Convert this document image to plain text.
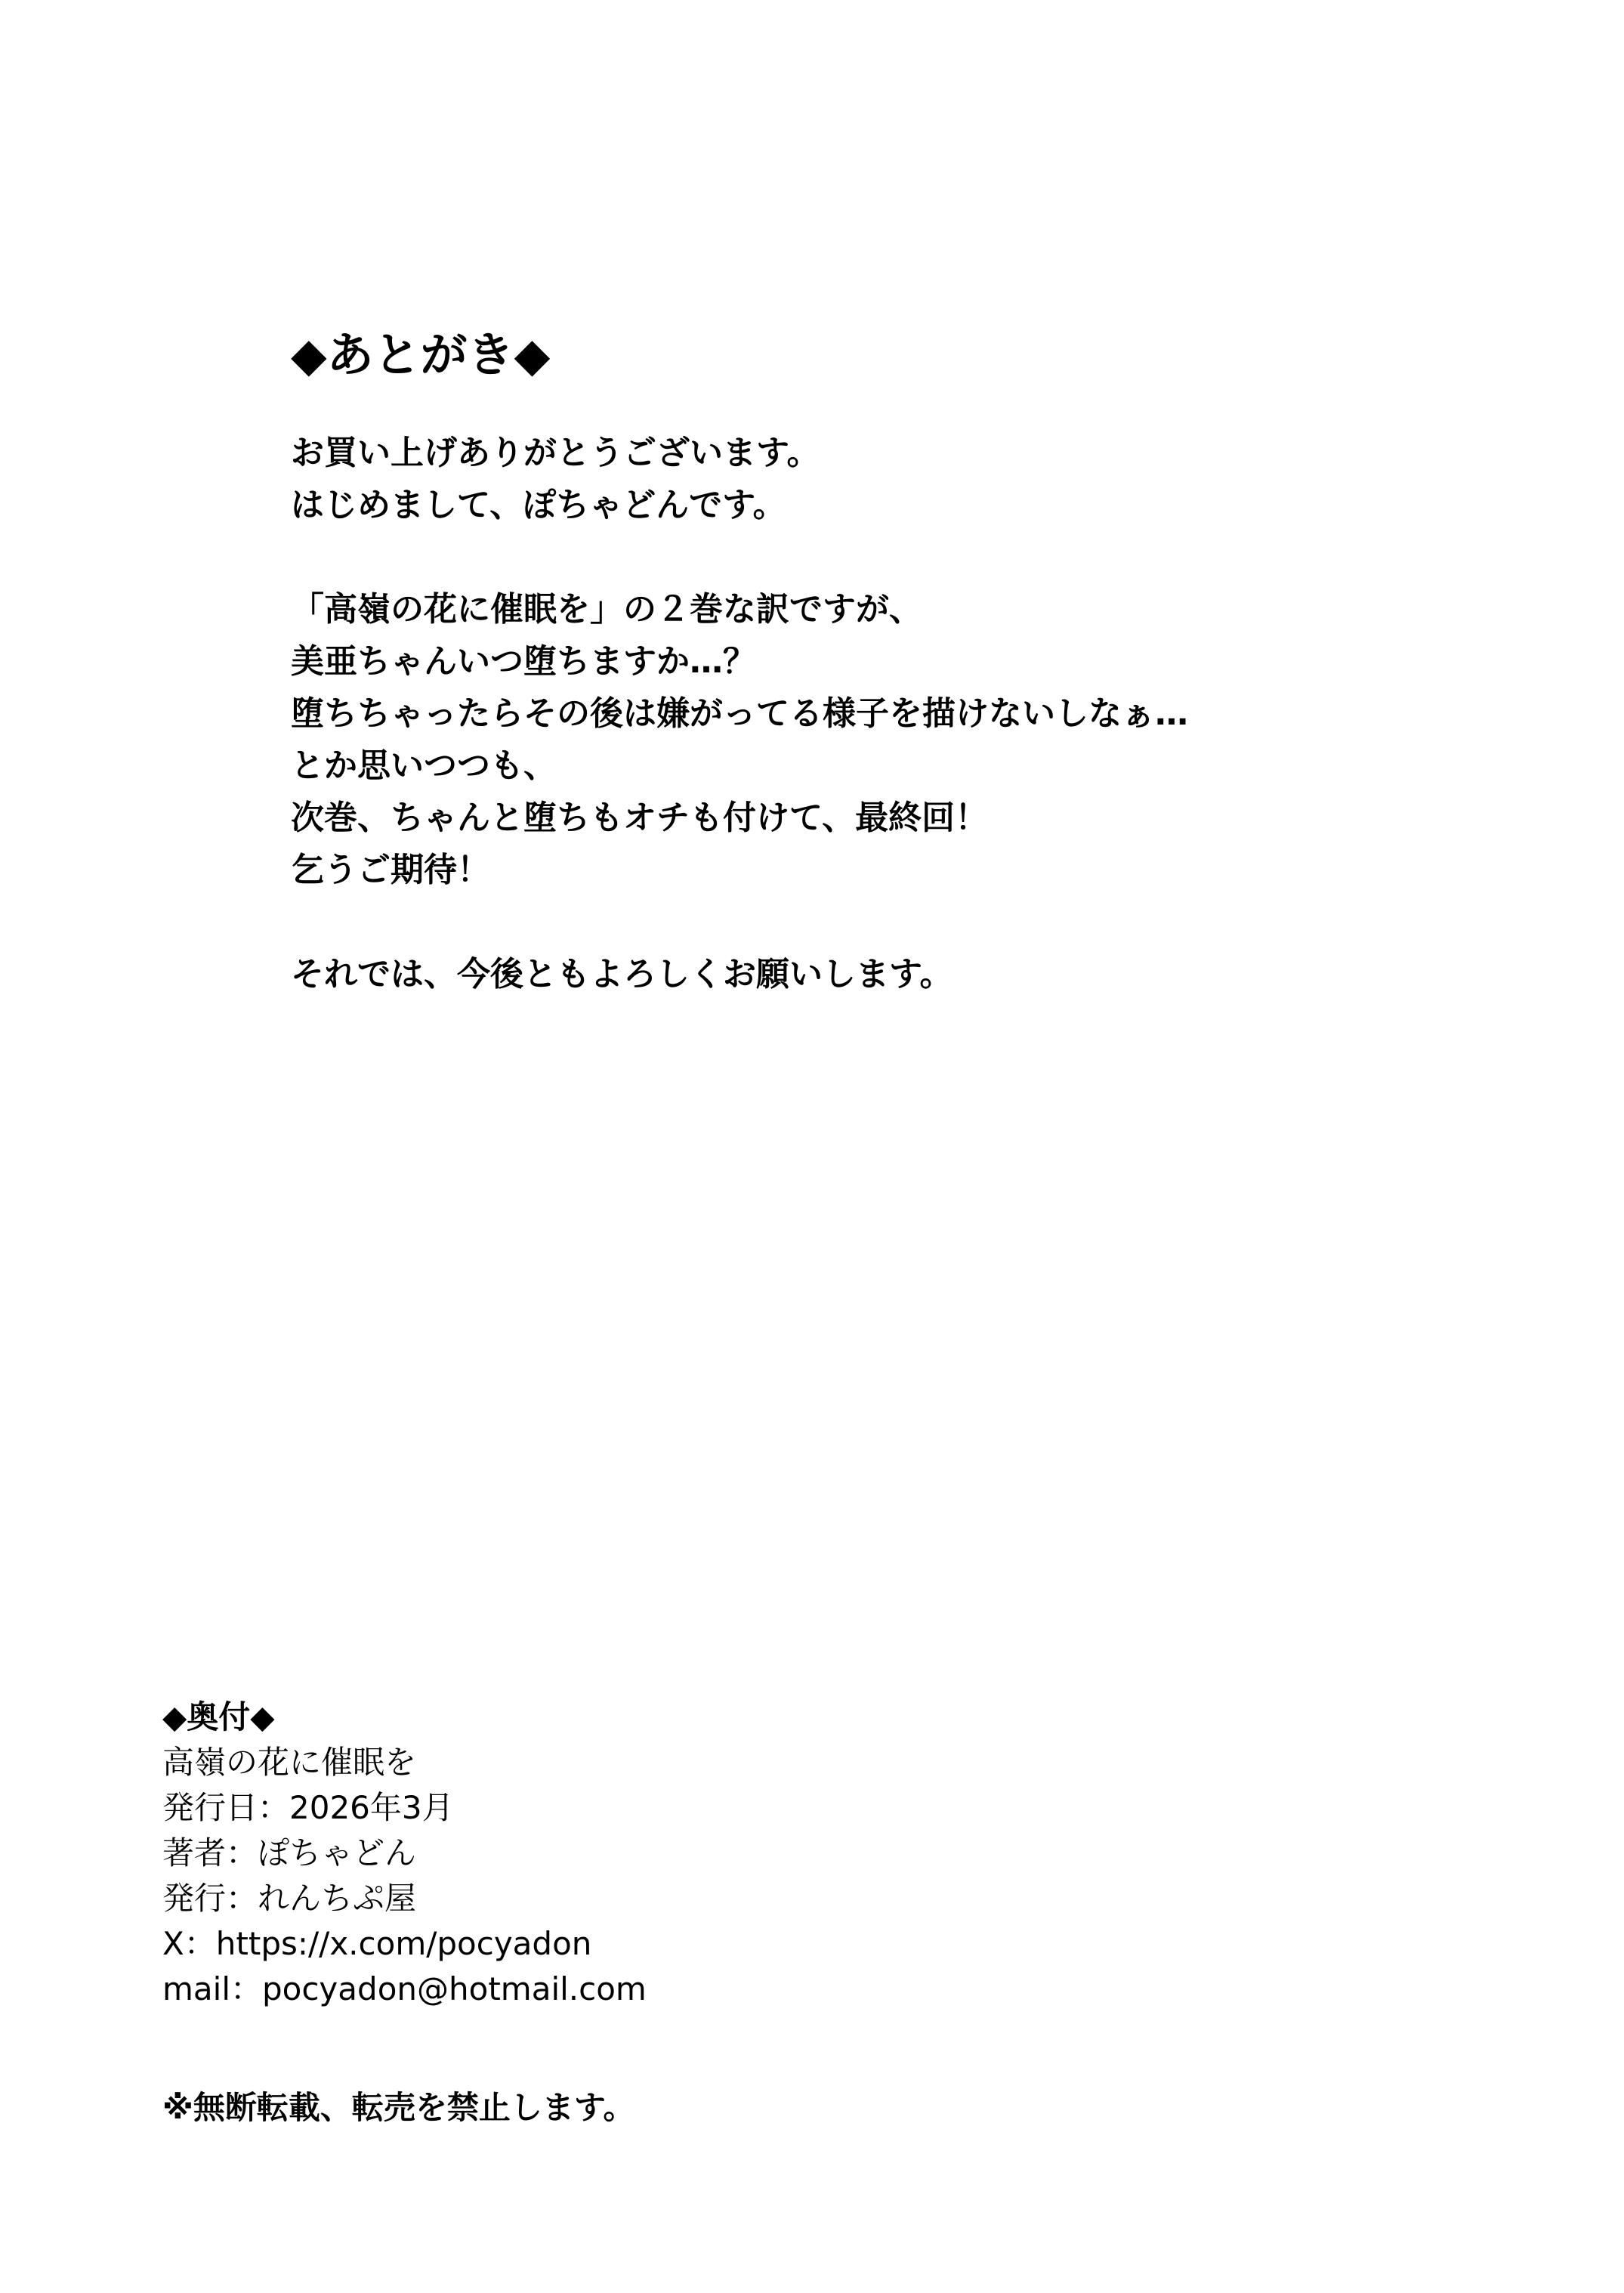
◆あとがき◆
お買い上げありがとうございます。
はじめまして、ぽちゃどんです。
「高嶺の花に催眠を」の２巻な訳ですが、
美亜ちゃんいつ堕ちますか…？
堕ちちゃったらその後は嫌がってる様子を描けないしなぁ…
とか思いつつも、
次巻、ちゃんと堕ちもオチも付けて、最終回！
乞うご期待！
それでは、今後ともよろしくお願いします。
◆奥付◆
高嶺の花に催眠を
発行日：2026年3月
著者：ぽちゃどん
発行：れんちぷ屋
X：https://x.com/pocyadon
mail：pocyadon@hotmail.com
※無断転載、転売を禁止します。
